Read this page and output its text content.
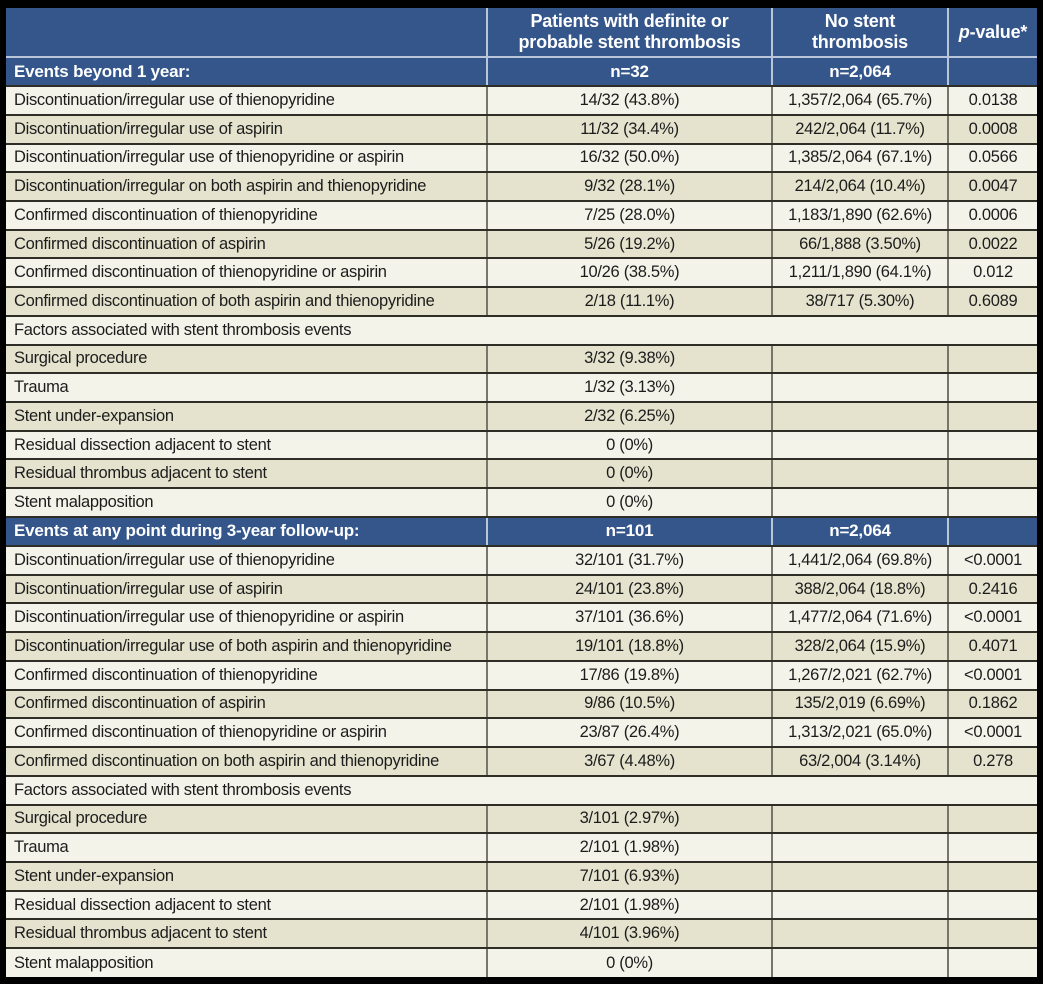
	Patients with definite or probable stent thrombosis	No stent thrombosis	p-value*
Events beyond 1 year:	n=32	n=2,064	
Discontinuation/irregular use of thienopyridine	14/32 (43.8%)	1,357/2,064 (65.7%)	0.0138
Discontinuation/irregular use of aspirin	11/32 (34.4%)	242/2,064 (11.7%)	0.0008
Discontinuation/irregular use of thienopyridine or aspirin	16/32 (50.0%)	1,385/2,064 (67.1%)	0.0566
Discontinuation/irregular on both aspirin and thienopyridine	9/32 (28.1%)	214/2,064 (10.4%)	0.0047
Confirmed discontinuation of thienopyridine	7/25 (28.0%)	1,183/1,890 (62.6%)	0.0006
Confirmed discontinuation of aspirin	5/26 (19.2%)	66/1,888 (3.50%)	0.0022
Confirmed discontinuation of thienopyridine or aspirin	10/26 (38.5%)	1,211/1,890 (64.1%)	0.012
Confirmed discontinuation of both aspirin and thienopyridine	2/18 (11.1%)	38/717 (5.30%)	0.6089
Factors associated with stent thrombosis events			
Surgical procedure	3/32 (9.38%)		
Trauma	1/32 (3.13%)		
Stent under-expansion	2/32 (6.25%)		
Residual dissection adjacent to stent	0 (0%)		
Residual thrombus adjacent to stent	0 (0%)		
Stent malapposition	0 (0%)		
Events at any point during 3-year follow-up:	n=101	n=2,064	
Discontinuation/irregular use of thienopyridine	32/101 (31.7%)	1,441/2,064 (69.8%)	<0.0001
Discontinuation/irregular use of aspirin	24/101 (23.8%)	388/2,064 (18.8%)	0.2416
Discontinuation/irregular use of thienopyridine or aspirin	37/101 (36.6%)	1,477/2,064 (71.6%)	<0.0001
Discontinuation/irregular use of both aspirin and thienopyridine	19/101 (18.8%)	328/2,064 (15.9%)	0.4071
Confirmed discontinuation of thienopyridine	17/86 (19.8%)	1,267/2,021 (62.7%)	<0.0001
Confirmed discontinuation of aspirin	9/86 (10.5%)	135/2,019 (6.69%)	0.1862
Confirmed discontinuation of thienopyridine or aspirin	23/87 (26.4%)	1,313/2,021 (65.0%)	<0.0001
Confirmed discontinuation on both aspirin and thienopyridine	3/67 (4.48%)	63/2,004 (3.14%)	0.278
Factors associated with stent thrombosis events			
Surgical procedure	3/101 (2.97%)		
Trauma	2/101 (1.98%)		
Stent under-expansion	7/101 (6.93%)		
Residual dissection adjacent to stent	2/101 (1.98%)		
Residual thrombus adjacent to stent	4/101 (3.96%)		
Stent malapposition	0 (0%)		
